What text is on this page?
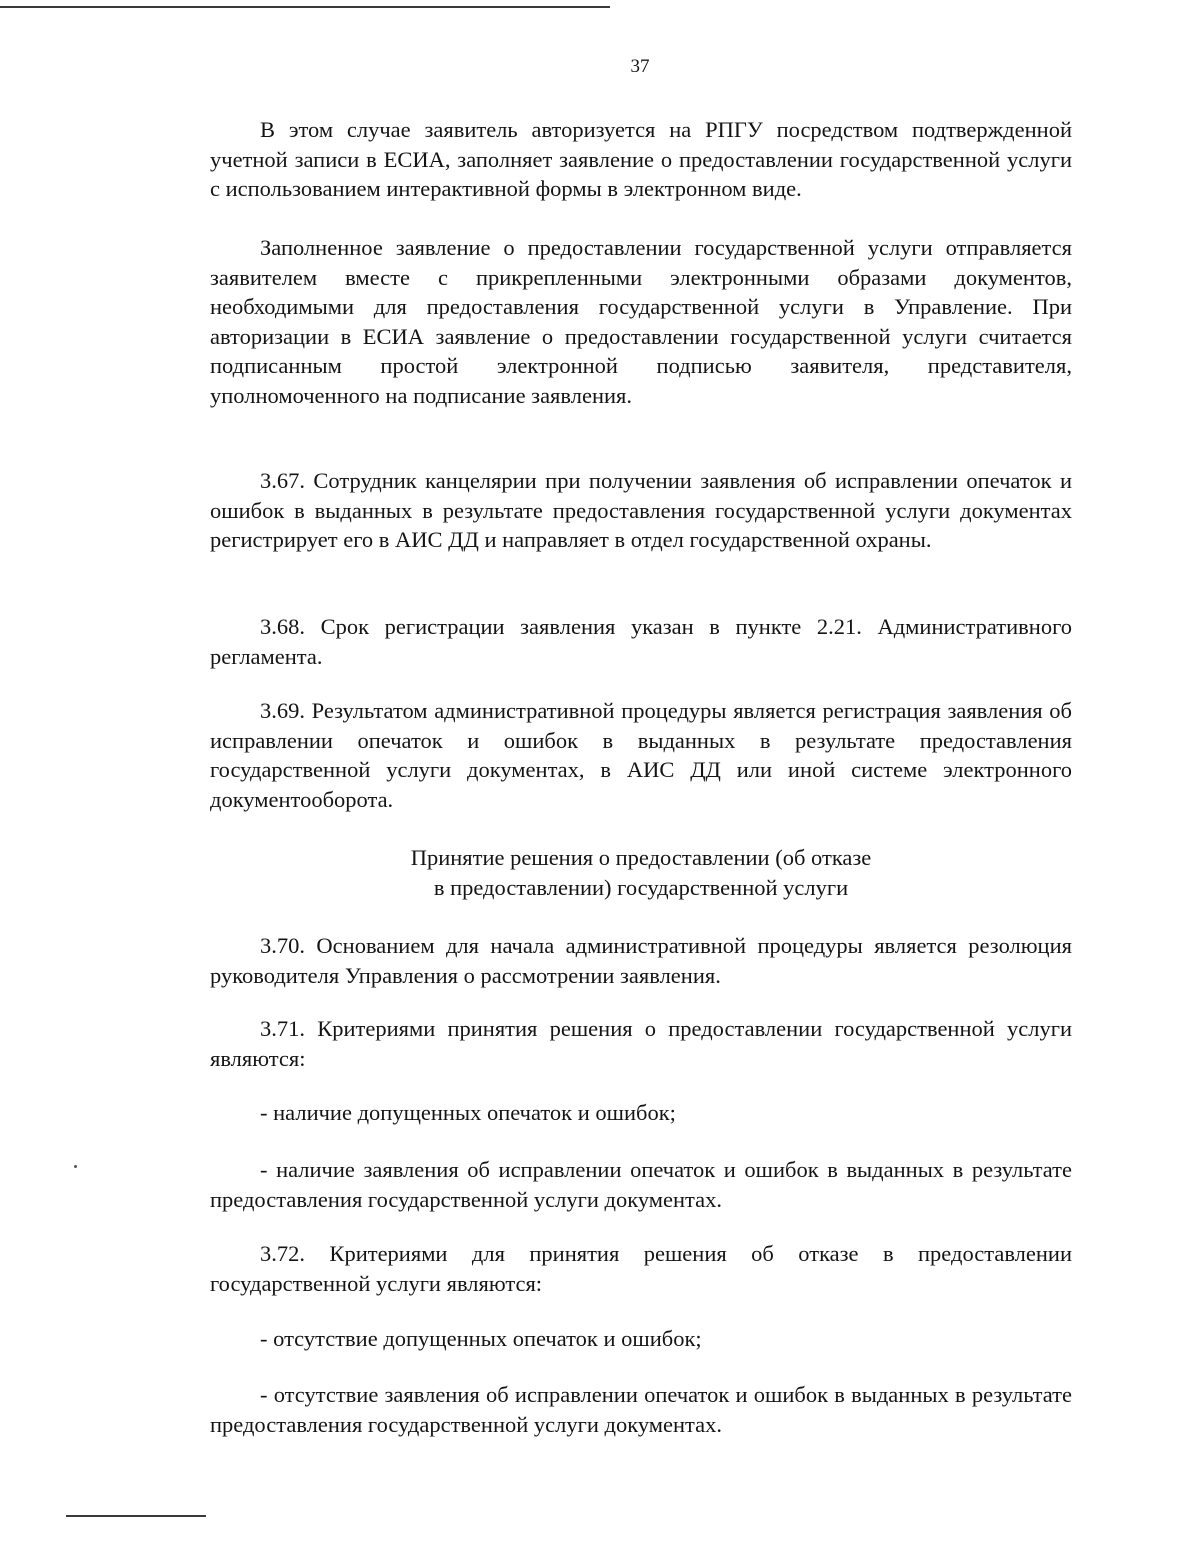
37

В этом случае заявитель авторизуется на РПГУ посредством подтвержденной учетной записи в ЕСИА, заполняет заявление о предоставлении государственной услуги с использованием интерактивной формы в электронном виде.

Заполненное заявление о предоставлении государственной услуги отправляется заявителем вместе с прикрепленными электронными образами документов, необходимыми для предоставления государственной услуги в Управление. При авторизации в ЕСИА заявление о предоставлении государственной услуги считается подписанным простой электронной подписью заявителя, представителя, уполномоченного на подписание заявления.

3.67. Сотрудник канцелярии при получении заявления об исправлении опечаток и ошибок в выданных в результате предоставления государственной услуги документах регистрирует его в АИС ДД и направляет в отдел государственной охраны.

3.68. Срок регистрации заявления указан в пункте 2.21. Административного регламента.

3.69. Результатом административной процедуры является регистрация заявления об исправлении опечаток и ошибок в выданных в результате предоставления государственной услуги документах, в АИС ДД или иной системе электронного документооборота.

Принятие решения о предоставлении (об отказе
в предоставлении) государственной услуги

3.70. Основанием для начала административной процедуры является резолюция руководителя Управления о рассмотрении заявления.

3.71. Критериями принятия решения о предоставлении государственной услуги являются:

- наличие допущенных опечаток и ошибок;

- наличие заявления об исправлении опечаток и ошибок в выданных в результате предоставления государственной услуги документах.

3.72. Критериями для принятия решения об отказе в предоставлении государственной услуги являются:

- отсутствие допущенных опечаток и ошибок;

- отсутствие заявления об исправлении опечаток и ошибок в выданных в результате предоставления государственной услуги документах.
